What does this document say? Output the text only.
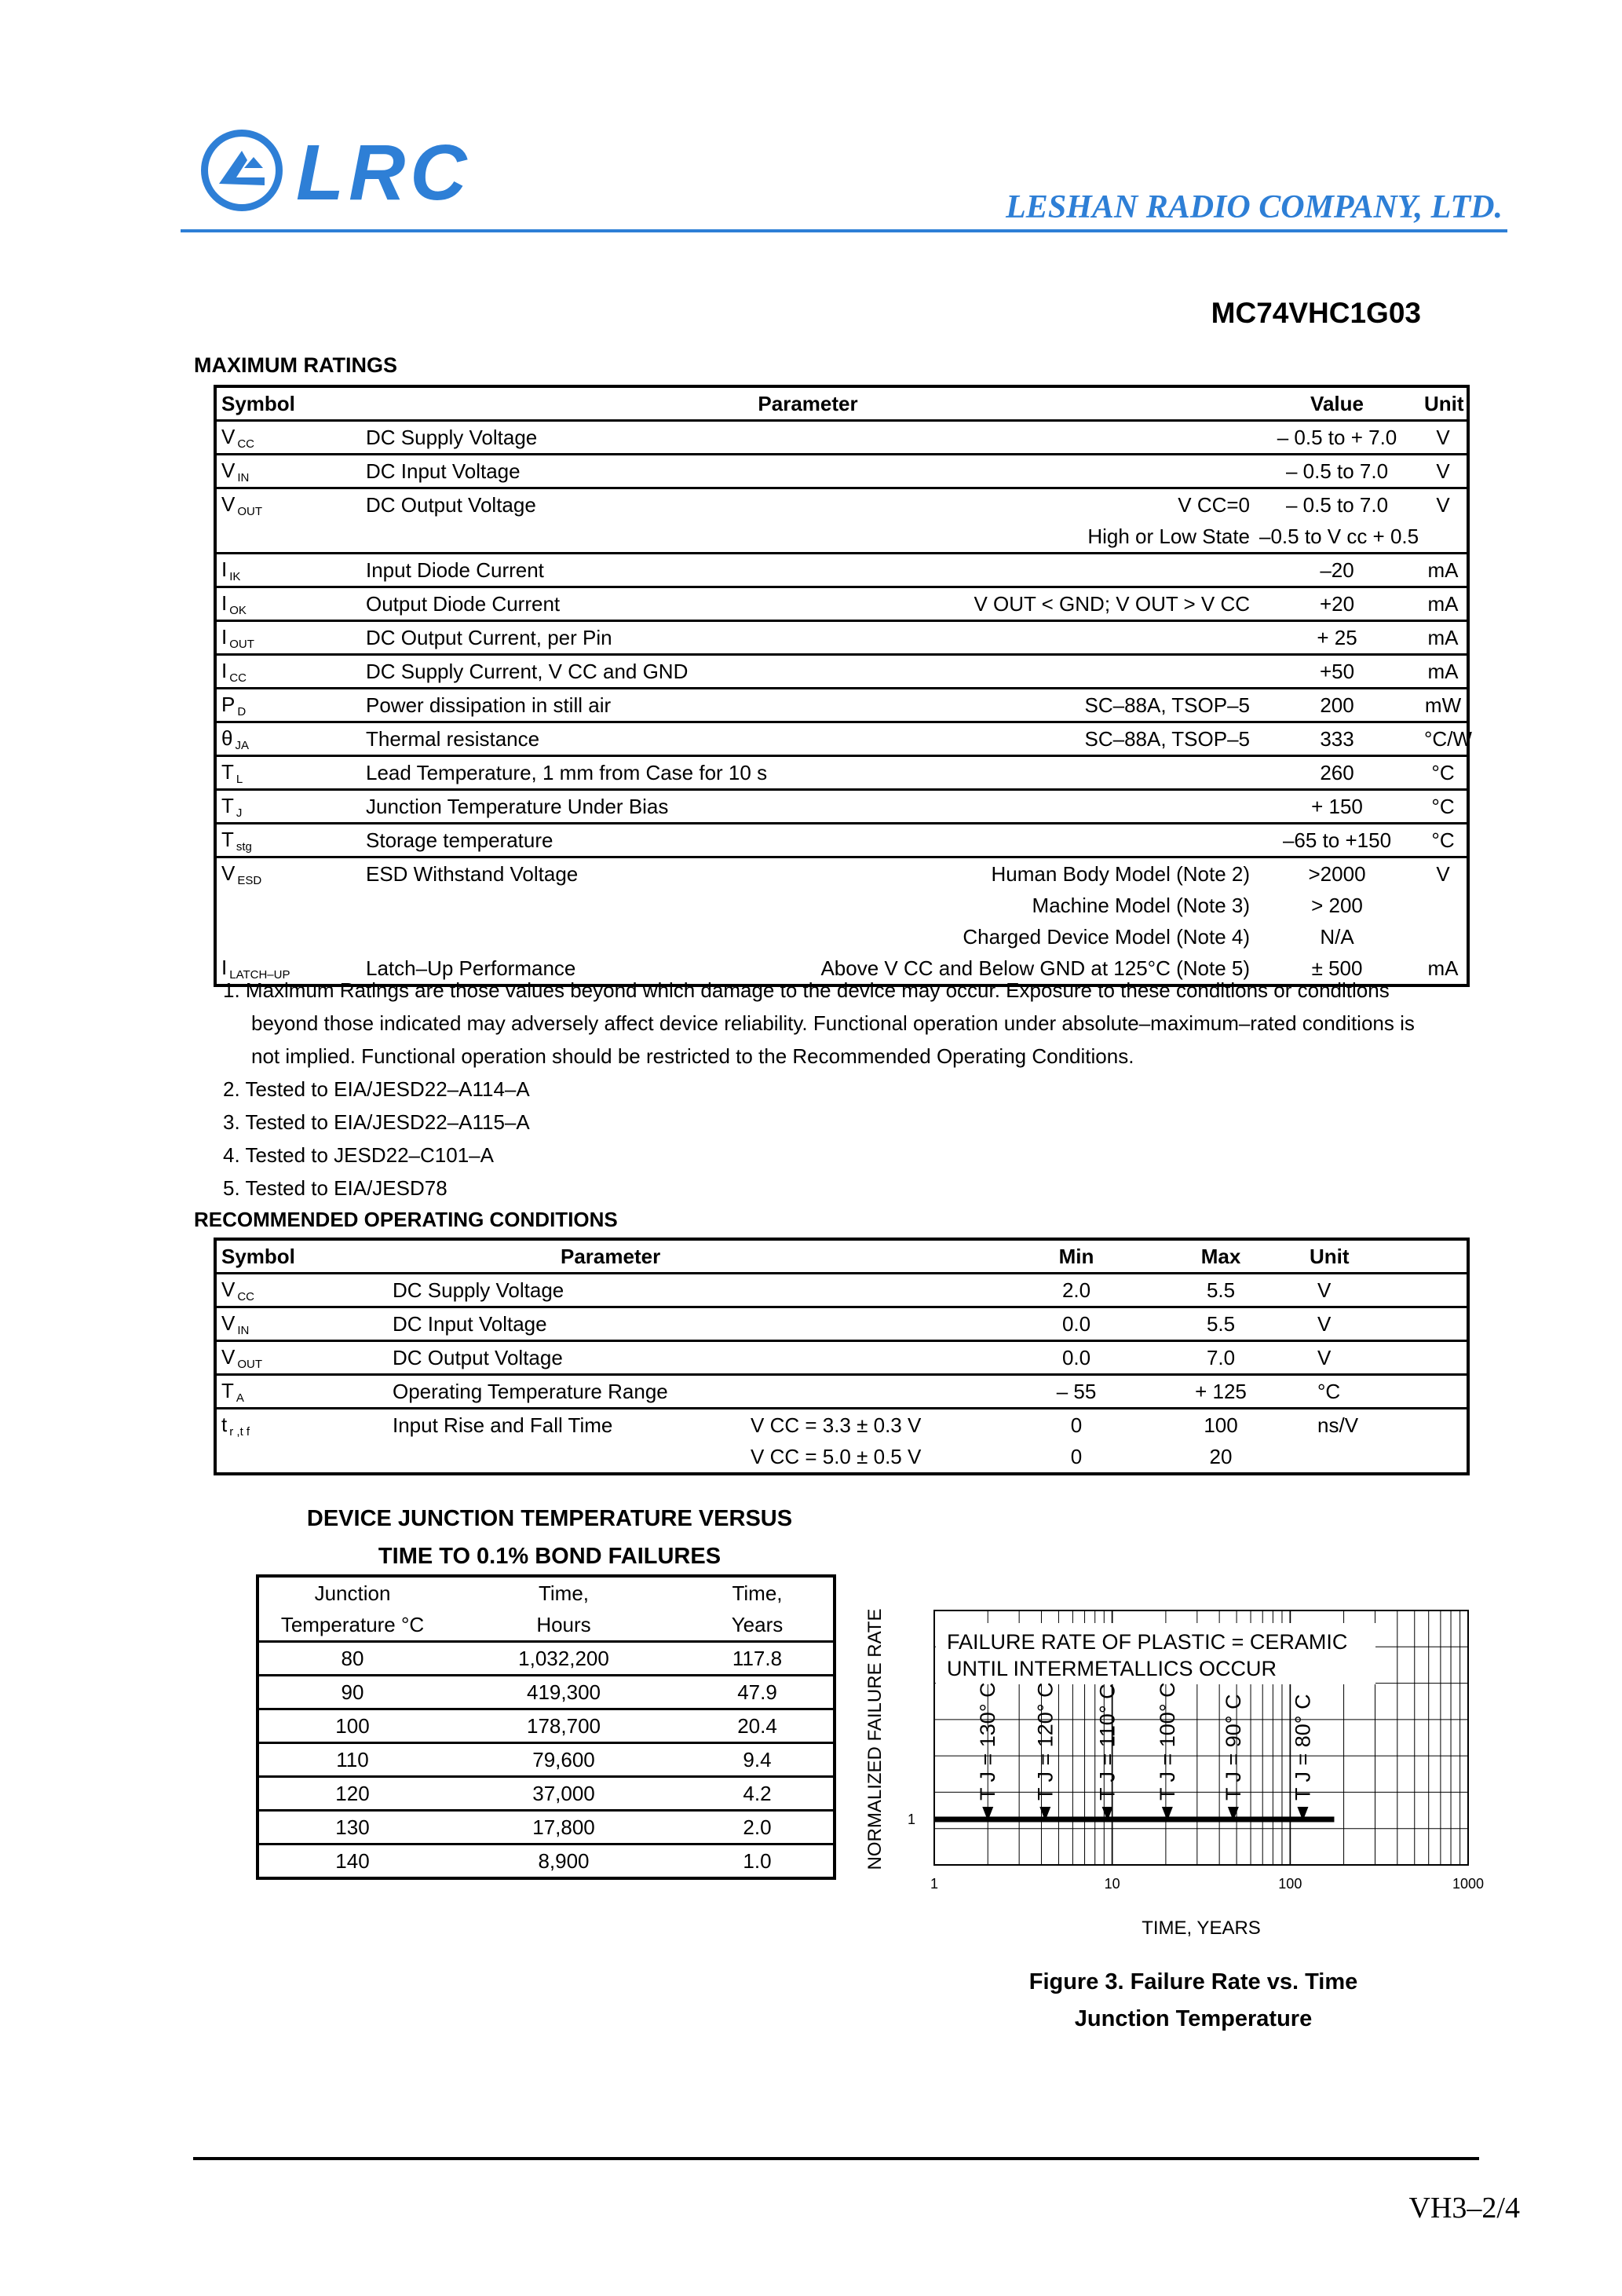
LRC	LESHAN RADIO COMPANY, LTD.
MC74VHC1G03
MAXIMUM RATINGS
Symbol	Parameter		Value	Unit
V $_{CC}$	DC Supply Voltage		– 0.5 to + 7.0	V
V $_{IN}$	DC Input Voltage		– 0.5 to 7.0	V
V $_{OUT}$	DC Output Voltage	V CC=0	– 0.5 to 7.0	V
		High or Low State	–0.5 to V cc + 0.5	
I $_{IK}$	Input Diode Current		–20	mA
I $_{OK}$	Output Diode Current	V OUT < GND; V OUT > V CC	+20	mA
I $_{OUT}$	DC Output Current, per Pin		+ 25	mA
I $_{CC}$	DC Supply Current, V CC and GND		+50	mA
P $_D$	Power dissipation in still air	SC–88A, TSOP–5	200	mW
θ $_{JA}$	Thermal resistance	SC–88A, TSOP–5	333	°C/W
T $_L$	Lead Temperature, 1 mm from Case for 10 s		260	°C
T $_J$	Junction Temperature Under Bias		+ 150	°C
T $_{stg}$	Storage temperature		–65 to +150	°C
V $_{ESD}$	ESD Withstand Voltage	Human Body Model (Note 2)	>2000	V
		Machine Model (Note 3)	> 200	
		Charged Device Model (Note 4)	N/A	
I $_{LATCH-UP}$	Latch–Up Performance	Above V CC and Below GND at 125°C (Note 5)	± 500	mA
1. Maximum Ratings are those values beyond which damage to the device may occur. Exposure to these conditions or conditions
beyond those indicated may adversely affect device reliability. Functional operation under absolute–maximum–rated conditions is
not implied. Functional operation should be restricted to the Recommended Operating Conditions.
2. Tested to EIA/JESD22–A114–A
3. Tested to EIA/JESD22–A115–A
4. Tested to JESD22–C101–A
5. Tested to EIA/JESD78
RECOMMENDED OPERATING CONDITIONS
Symbol	Parameter		Min	Max	Unit
V $_{CC}$	DC Supply Voltage		2.0	5.5	V
V $_{IN}$	DC Input Voltage		0.0	5.5	V
V $_{OUT}$	DC Output Voltage		0.0	7.0	V
T $_A$	Operating Temperature Range		– 55	+ 125	°C
t $_{r ,t f}$	Input Rise and Fall Time	V CC = 3.3 ± 0.3 V	0	100	ns/V
		V CC = 5.0 ± 0.5 V	0	20	
DEVICE JUNCTION TEMPERATURE VERSUS
TIME TO 0.1% BOND FAILURES
Junction	Time,	Time,
Temperature °C	Hours	Years
80	1,032,200	117.8
90	419,300	47.9
100	178,700	20.4
110	79,600	9.4
120	37,000	4.2
130	17,800	2.0
140	8,900	1.0
T J = 130° C T J = 120° C T J = 110° C T J = 100° C T J = 90° C T J = 80° C
1	10	100	1000
FAILURE RATE OF PLASTIC = CERAMIC
UNTIL INTERMETALLICS OCCUR
NORMALIZED FAILURE RATE 1
TIME, YEARS
Figure 3. Failure Rate vs. Time
Junction Temperature
VH3–2/4
